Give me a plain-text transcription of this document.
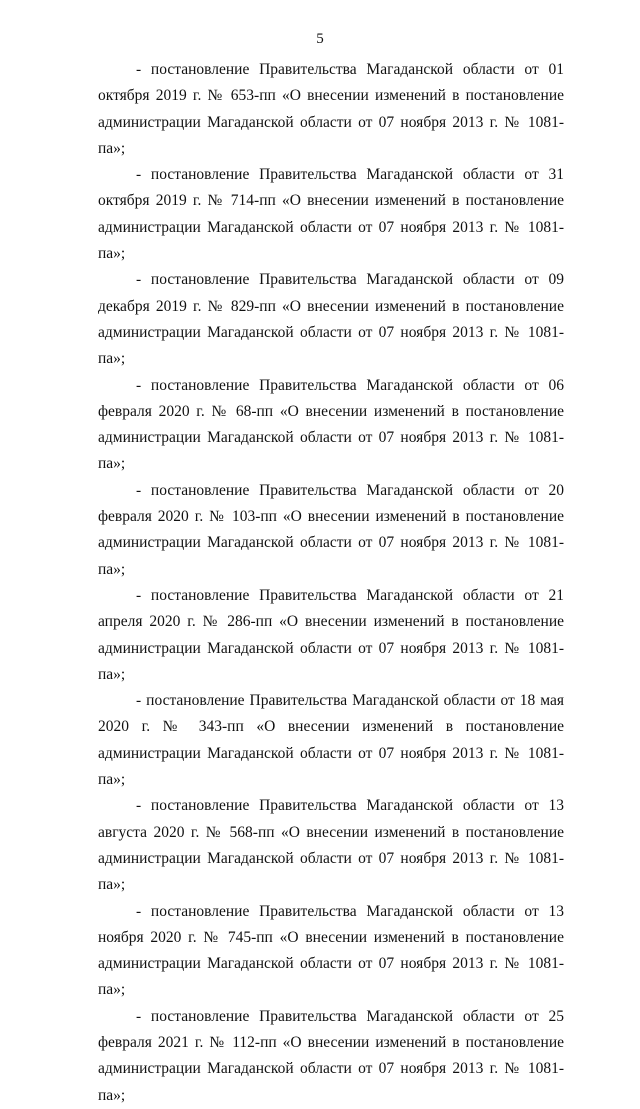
5

- постановление Правительства Магаданской области от 01 октября 2019 г. № 653-пп «О внесении изменений в постановление администрации Магаданской области от 07 ноября 2013 г. № 1081-па»;

- постановление Правительства Магаданской области от 31 октября 2019 г. № 714-пп «О внесении изменений в постановление администрации Магаданской области от 07 ноября 2013 г. № 1081-па»;

- постановление Правительства Магаданской области от 09 декабря 2019 г. № 829-пп «О внесении изменений в постановление администрации Магаданской области от 07 ноября 2013 г. № 1081-па»;

- постановление Правительства Магаданской области от 06 февраля 2020 г. № 68-пп «О внесении изменений в постановление администрации Магаданской области от 07 ноября 2013 г. № 1081-па»;

- постановление Правительства Магаданской области от 20 февраля 2020 г. № 103-пп «О внесении изменений в постановление администрации Магаданской области от 07 ноября 2013 г. № 1081-па»;

- постановление Правительства Магаданской области от 21 апреля 2020 г. № 286-пп «О внесении изменений в постановление администрации Магаданской области от 07 ноября 2013 г. № 1081-па»;

- постановление Правительства Магаданской области от 18 мая 2020 г. № 343-пп «О внесении изменений в постановление администрации Магаданской области от 07 ноября 2013 г. № 1081-па»;

- постановление Правительства Магаданской области от 13 августа 2020 г. № 568-пп «О внесении изменений в постановление администрации Магаданской области от 07 ноября 2013 г. № 1081-па»;

- постановление Правительства Магаданской области от 13 ноября 2020 г. № 745-пп «О внесении изменений в постановление администрации Магаданской области от 07 ноября 2013 г. № 1081-па»;

- постановление Правительства Магаданской области от 25 февраля 2021 г. № 112-пп «О внесении изменений в постановление администрации Магаданской области от 07 ноября 2013 г. № 1081-па»;
